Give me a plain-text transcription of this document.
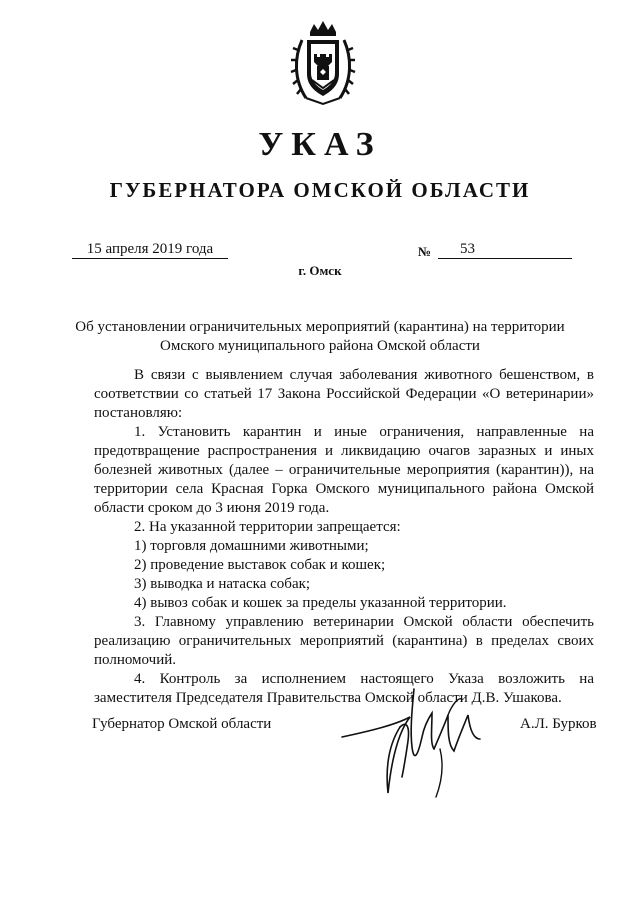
УКАЗ
ГУБЕРНАТОРА ОМСКОЙ ОБЛАСТИ
15 апреля 2019 года	№	53
г. Омск
Об установлении ограничительных мероприятий (карантина) на территории
Омского муниципального района Омской области

В связи с выявлением случая заболевания животного бешенством, в соответствии со статьей 17 Закона Российской Федерации «О ветеринарии» постановляю:

1. Установить карантин и иные ограничения, направленные на предотвращение распространения и ликвидацию очагов заразных и иных болезней животных (далее – ограничительные мероприятия (карантин)), на территории села Красная Горка Омского муниципального района Омской области сроком до 3 июня 2019 года.

2. На указанной территории запрещается:

1) торговля домашними животными;

2) проведение выставок собак и кошек;

3) выводка и натаска собак;

4) вывоз собак и кошек за пределы указанной территории.

3. Главному управлению ветеринарии Омской области обеспечить реализацию ограничительных мероприятий (карантина) в пределах своих полномочий.

4. Контроль за исполнением настоящего Указа возложить на заместителя Председателя Правительства Омской области Д.В. Ушакова.

Губернатор Омской области	А.Л. Бурков
